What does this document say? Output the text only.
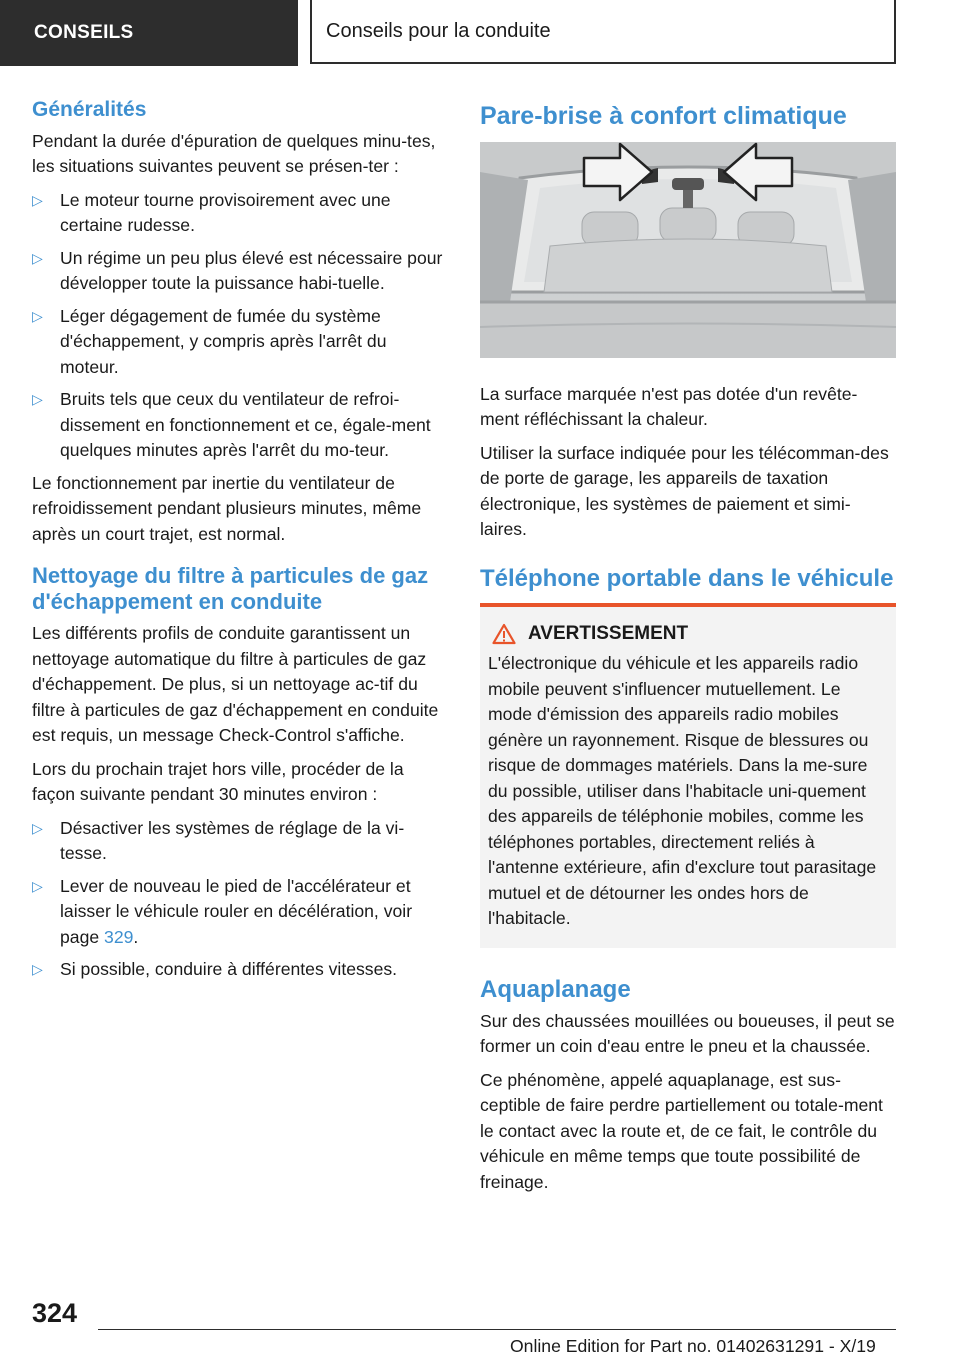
CONSEILS	Conseils pour la conduite
Généralités

Pendant la durée d'épuration de quelques minu-tes, les situations suivantes peuvent se présen-ter :

▷ Le moteur tourne provisoirement avec une certaine rudesse.
▷ Un régime un peu plus élevé est nécessaire pour développer toute la puissance habi-tuelle.
▷ Léger dégagement de fumée du système d'échappement, y compris après l'arrêt du moteur.
▷ Bruits tels que ceux du ventilateur de refroi-dissement en fonctionnement et ce, égale-ment quelques minutes après l'arrêt du mo-teur.

Le fonctionnement par inertie du ventilateur de refroidissement pendant plusieurs minutes, même après un court trajet, est normal.

Nettoyage du filtre à particules de gaz d'échappement en conduite

Les différents profils de conduite garantissent un nettoyage automatique du filtre à particules de gaz d'échappement. De plus, si un nettoyage ac-tif du filtre à particules de gaz d'échappement en conduite est requis, un message Check-Control s'affiche.

Lors du prochain trajet hors ville, procéder de la façon suivante pendant 30 minutes environ :

▷ Désactiver les systèmes de réglage de la vi-tesse.
▷ Lever de nouveau le pied de l'accélérateur et laisser le véhicule rouler en décélération, voir page 329.
▷ Si possible, conduire à différentes vitesses.
Pare-brise à confort climatique

La surface marquée n'est pas dotée d'un revête-ment réfléchissant la chaleur.

Utiliser la surface indiquée pour les télécomman-des de porte de garage, les appareils de taxation électronique, les systèmes de paiement et simi-laires.

Téléphone portable dans le véhicule
AVERTISSEMENT

L'électronique du véhicule et les appareils radio mobile peuvent s'influencer mutuellement. Le mode d'émission des appareils radio mobiles génère un rayonnement. Risque de blessures ou risque de dommages matériels. Dans la me-sure du possible, utiliser dans l'habitacle uni-quement des appareils de téléphonie mobiles, comme les téléphones portables, directement reliés à l'antenne extérieure, afin d'exclure tout parasitage mutuel et de détourner les ondes hors de l'habitacle.

Aquaplanage

Sur des chaussées mouillées ou boueuses, il peut se former un coin d'eau entre le pneu et la chaussée.

Ce phénomène, appelé aquaplanage, est sus-ceptible de faire perdre partiellement ou totale-ment le contact avec la route et, de ce fait, le contrôle du véhicule en même temps que toute possibilité de freinage.

324
Online Edition for Part no. 01402631291 - X/19
